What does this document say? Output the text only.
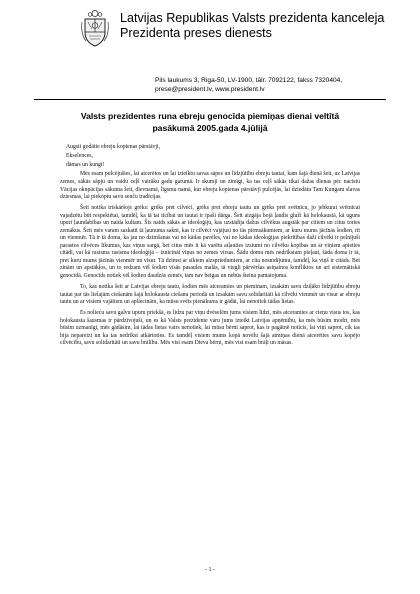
Latvijas Republikas Valsts prezidenta kanceleja
Prezidenta preses dienests
Pils laukums 3, Riga-50, LV-1900, tālr. 7092122, fakss 7320404,
prese@president.lv, www.president.lv
Valsts prezidentes runa ebreju genocīda piemiņas dienai veltītā
pasākumā 2005.gada 4.jūlijā
Augsti godātie ebreju kopienas pārstāvji,
Ekselences,
dāmas un kungi!

Mēs esam pulcējušies, lai atcerētos un lai izteiktu savas sāpes un līdzjūtību ebreju tautai, kam šajā dienā šeit, uz Latvijas zemes, sākās sāpju un vaidu ceļš vairāku gadu garumā. Ir skumji un zīmīgi, ka tas ceļš sākās tikai dažas dienas pēc nacistu Vācijas okupācijas sākuma šeit, dievnamā, līgsmu namā, kur ebreju kopienas pārstāvji pulcējās, lai dziedātu Tam Kungam slavas dziesmas, lai piekoptu savu senču tradīcijas.

Šeit notika trīskāršojs grēks: grēks pret cilvēci, grēks pret ebreju tautu un grēks pret svētnīcu, jo jebkurai svētnīcai vajadzētu būt respektētai, tamdēļ, ka tā tai ticībai un tautai ir īpaši dārga. Šeit aizgāja bojā ļaudis gluži kā holokaustā, kā uguns upuri ļaundabības un naida kultam. Šis naids sākās ar ideoloģiju, kas uzstādīja dažus cilvēkus augstāk par citiem un citus tories zemākus. Šeit mēs varam saskatīt tā ļaunuma sakni, kas ir cilvēci vajājusi no tās pirmsākumiem, ar kuru mums jācīnās šodien, rīt un vienmēr. Tā ir tā doma, ka jau no dzimšanas vai no kādas pavēles, vai no kādas ideoloģijas piekritības daži cilvēki ir pelnījuši parastos cilvēces likumus, kas viņus sargā, bet citus mēs it kā varētu atļauties izstumt no cilvēku kopības un ar viņiem apieties citādi, vai kā rasisma rasisma ideoloģijā – iznīcināt viņus no zemes virsas. Šādu domu mēs nedrīkstam pieļaut, šāda doma ir tā, pret kuru mums jācīnās vienmēr un visur. Tā dzimst ar sīkiem aizspriedumiem, ar cita nosnidījumu, tamdēļ, ka viņš ir citāds. Bet zinām un apstākļos, un to redzam vēl šodien visās pasaules malās, tā viegli pārvēršas asiņainos konfliktos un arī sistemātiskā genocīdā. Genocīds notiek vēl šodien daudzās zemēs, tam nav beigas un nebūs šteina pamatojuma.

To, kas notika šeit ar Latvijas ebreju tautu, šodien mēs atceramies un pieminam, izsakām savu dziļāko līdzjūtību ebreju tautai par tās lielajām ciešanām šajā holokausta ciešanu periodā un izsakām savu solidaritāti kā cilvēki vienmēr un visur ar ebreju tautu un ar visiem vajātiem un apliecinām, ka mūsu svēts pienākums ir gādāt, lai nenotiek tādas lietas.

Es nolieću savu galvu upuru priekšā, es līdzu par viņu dvēselēm jums visiem līdzi, mēs atceramies ar cieņu visus tos, kas holokausta šausmas ir pārdzīvojuši, un es kā Valsts prezidente varu jums izteikt Latvijas apņēmību, ka mēs būsim modri, mēs būsim uzmanīgi, mēs gādāsim, lai tādas lietas vairs nenotiek, lai mūsu bērni saprot, kas ir pagātnē noticis, lai viņi saprot, cik tas bija nepareizi un ka tas nedrīkst atkārtoties. Es tamdēļ visiem mums kopā novēlu šajā atmiņas dienā atcerēties savu kopējo cilvēcību, savu solidaritāti un savu brālību. Mēs visi esam Dieva bērni, mēs visi esam brāļi un māsas.

- 1 -
